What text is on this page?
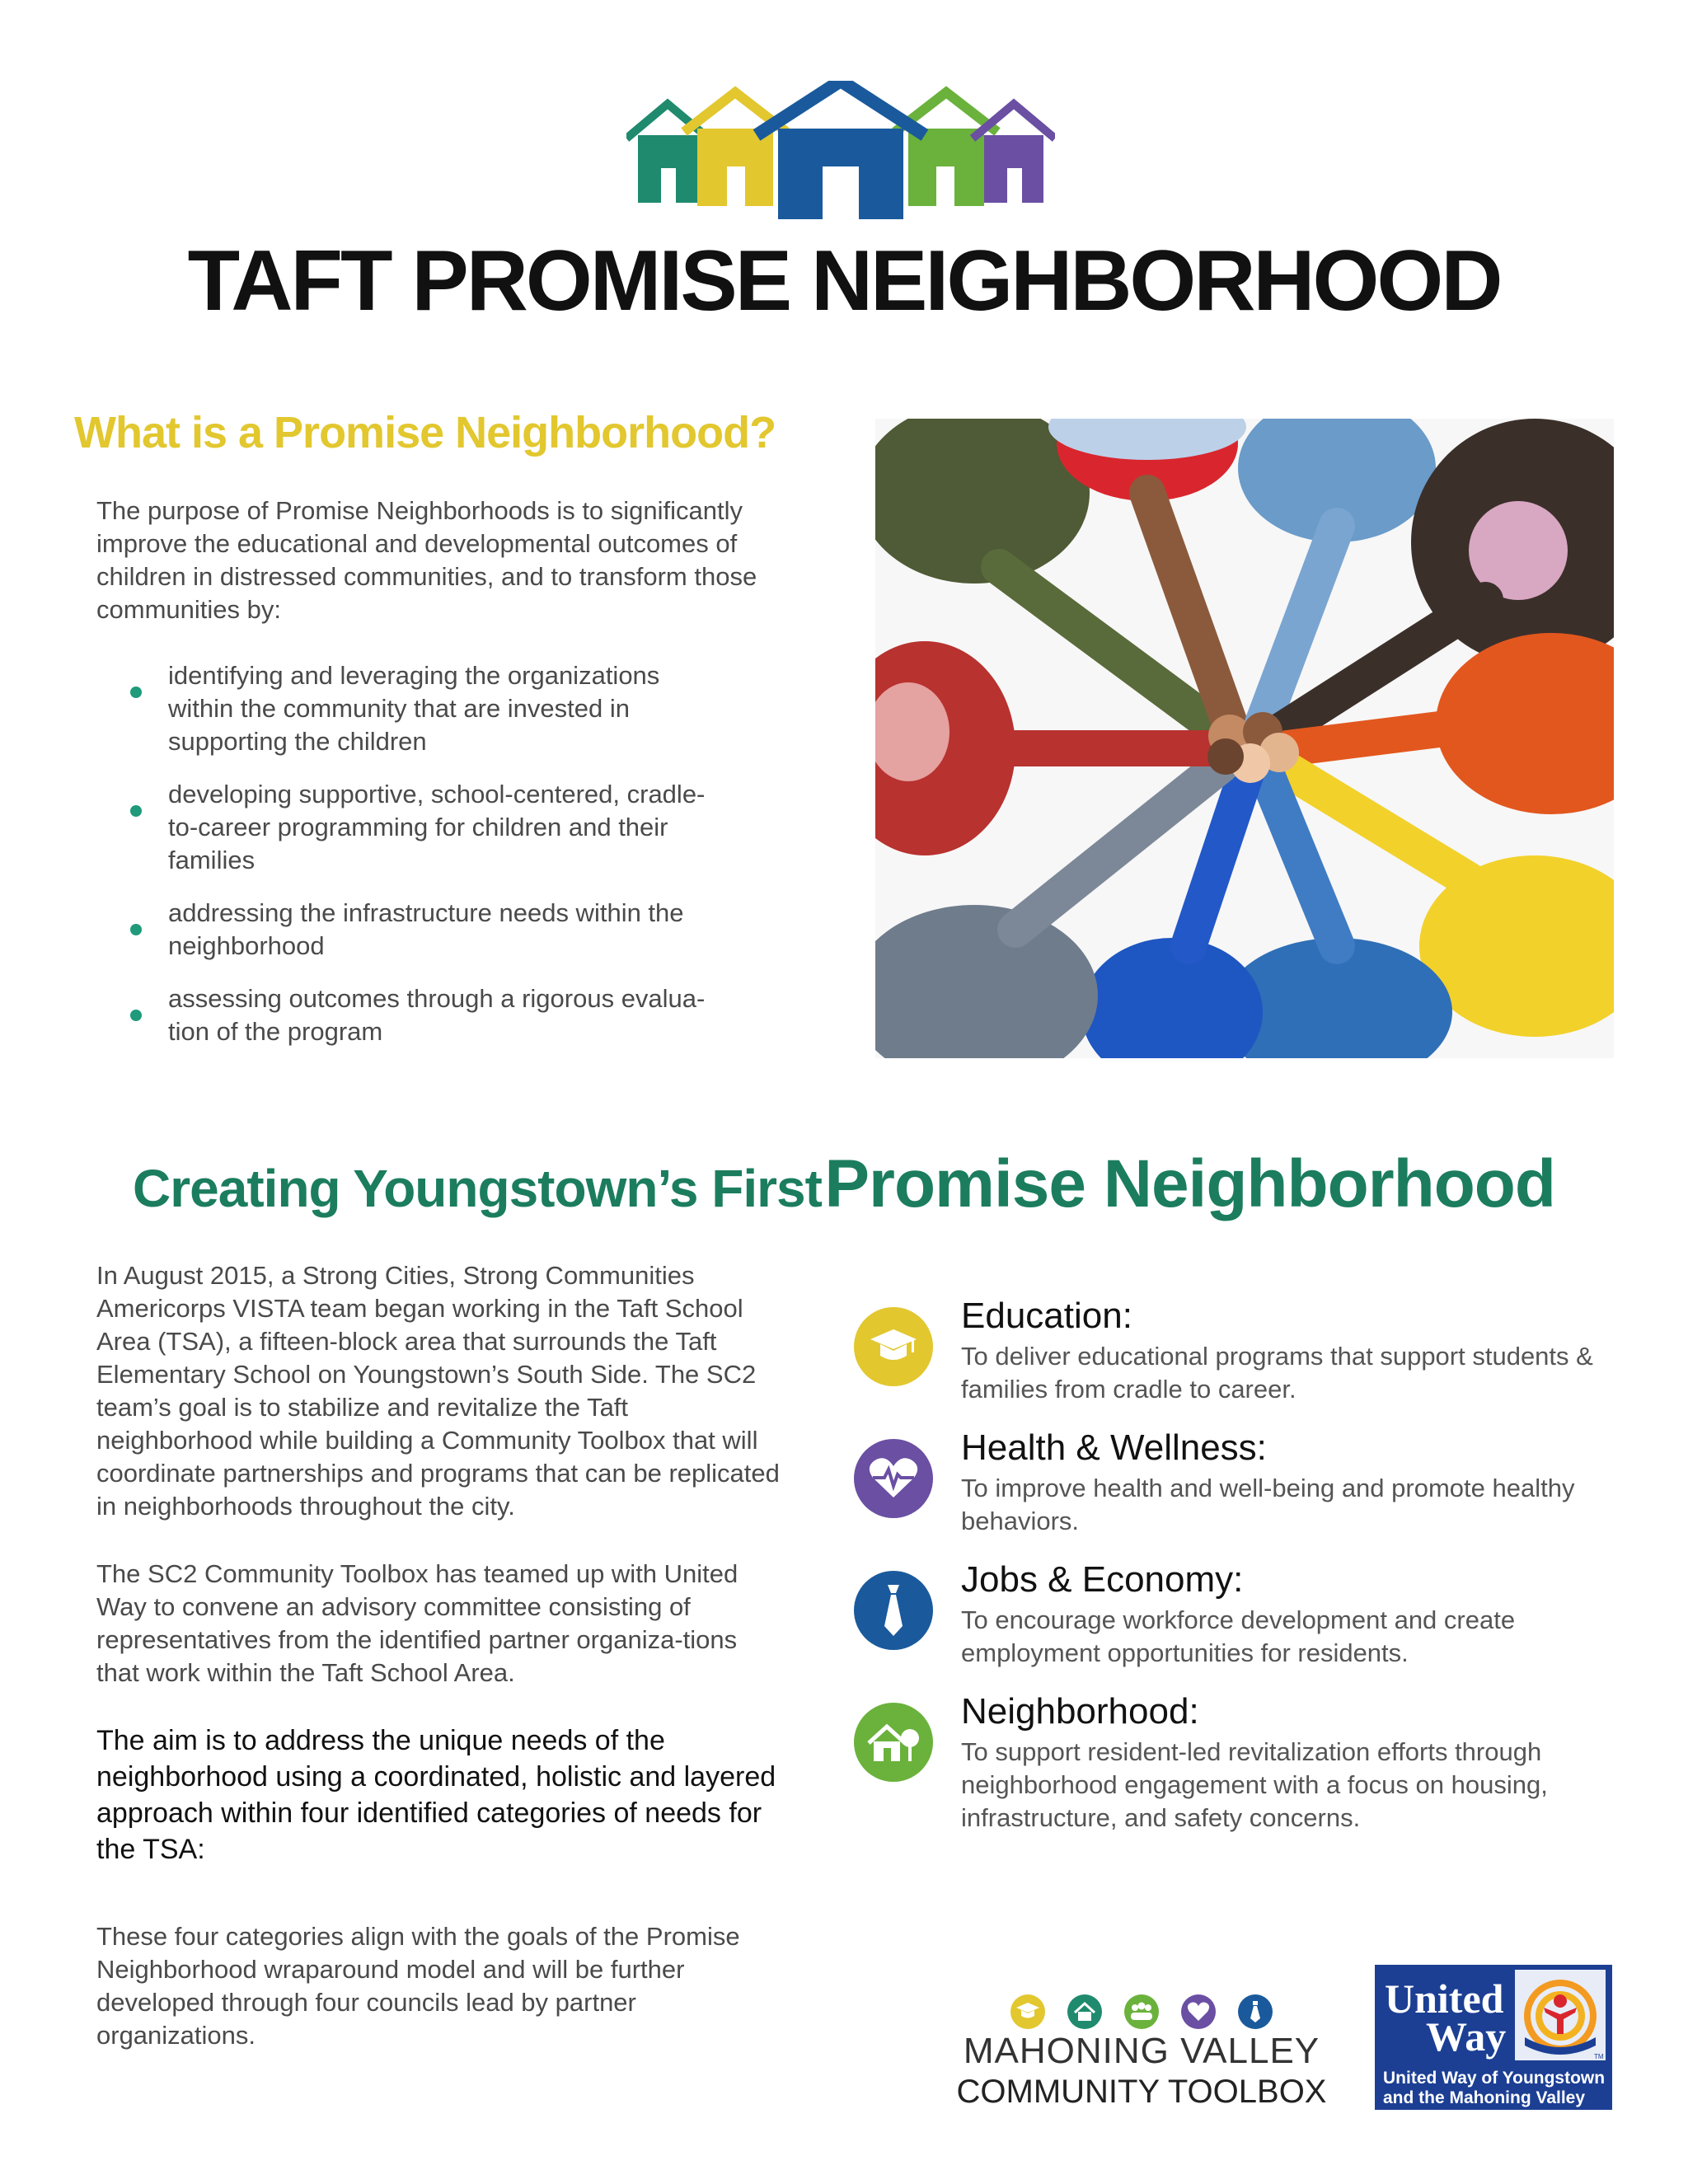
TAFT PROMISE NEIGHBORHOOD
What is a Promise Neighborhood?
The purpose of Promise Neighborhoods is to significantly improve the educational and developmental outcomes of children in distressed communities, and to transform those communities by:
identifying and leveraging the organizations within the community that are invested in supporting the children
developing supportive, school-centered, cradle-to-career programming for children and their families
addressing the infrastructure needs within the neighborhood
assessing outcomes through a rigorous evalua-tion of the program
Creating Youngstown’s First Promise Neighborhood
In August 2015, a Strong Cities, Strong Communities Americorps VISTA team began working in the Taft School Area (TSA), a fifteen-block area that surrounds the Taft Elementary School on Youngstown’s South Side. The SC2 team’s goal is to stabilize and revitalize the Taft neighborhood while building a Community Toolbox that will coordinate partnerships and programs that can be replicated in neighborhoods throughout the city.
The SC2 Community Toolbox has teamed up with United Way to convene an advisory committee consisting of representatives from the identified partner organiza-tions that work within the Taft School Area.
The aim is to address the unique needs of the neighborhood using a coordinated, holistic and layered approach within four identified categories of needs for the TSA:
These four categories align with the goals of the Promise Neighborhood wraparound model and will be further developed through four councils lead by partner organizations.
Education:
To deliver educational programs that support students & families from cradle to career.
Health & Wellness:
To improve health and well-being and promote healthy behaviors.
Jobs & Economy:
To encourage workforce development and create employment opportunities for residents.
Neighborhood:
To support resident-led revitalization efforts through neighborhood engagement with a focus on housing, infrastructure, and safety concerns.
MAHONING VALLEY
COMMUNITY TOOLBOX
United
Way	TM
United Way of Youngstown
and the Mahoning Valley
